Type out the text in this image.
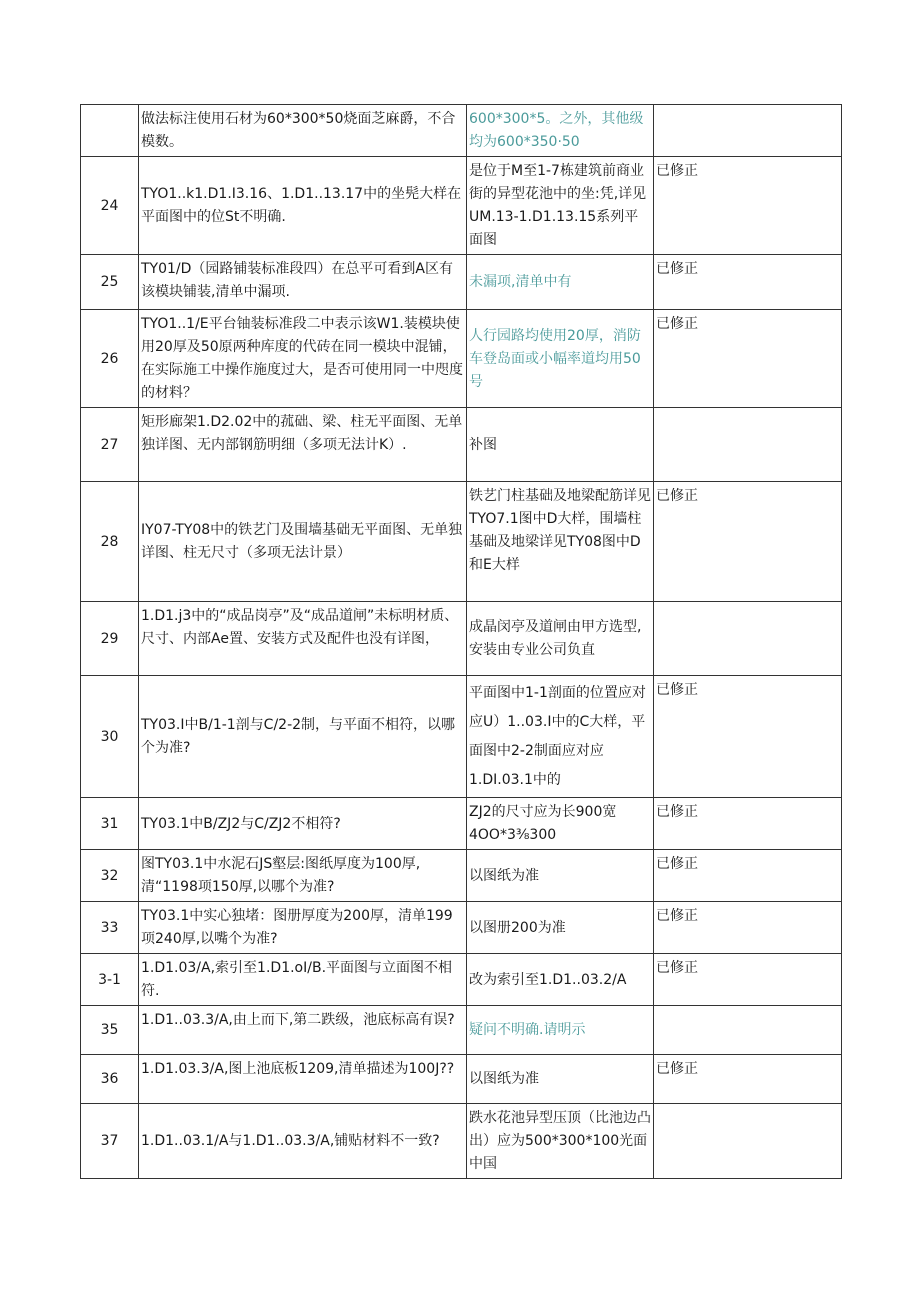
	做法标注使用石材为60*300*50烧面芝麻爵，不合模数。	600*300*5。之外，其他级均为600*350·50	
24	TYO1..k1.D1.I3.16、1.D1..13.17中的坐髡大样在平面图中的位St不明确.	是位于M至1-7栋建筑前商业街的异型花池中的坐:凭,详见UM.13-1.D1.13.15系列平面图	已修正
25	TY01/D（园路铺装标准段四）在总平可看到A区有该模块铺装,清单中漏项.	未漏项,清单中有	已修正
26	TYO1..1/E平台铀装标准段二中表示该W1.装模块使用20厚及50原两种库度的代砖在同一模块中混铺，在实际施工中操作施度过大，是否可使用同一中咫度的材料？	人行园路均使用20厚，消防车登岛面或小幅率道均用50号	已修正
27	矩形廊架1.D2.02中的菰础、梁、柱无平面图、无单独详图、无内部钢筋明细（多项无法计K）.	补图	
28	IY07-TY08中的铁艺门及围墙基础无平面图、无单独详图、柱无尺寸（多项无法计景）	铁艺门柱基础及地梁配筋详见TYO7.1图中D大样，围墙柱基础及地梁详见TY08图中D和E大样	已修正
29	1.D1.j3中的“成品岗亭”及“成品道闸”未标明材质、尺寸、内部Ae置、安装方式及配件也没有详图，	成晶闵亭及道闸由甲方选型,安装由专业公司负直	
30	TY03.I中B/1-1剖与C/2-2制，与平面不相符，以哪个为准?	平面图中1-1剖面的位置应对应U）1..03.I中的C大样，平面图中2-2制面应对应1.DI.03.1中的	已修正
31	TY03.1中B/ZJ2与C/ZJ2不相符?	ZJ2的尺寸应为长900宽4OO*3⅜300	已修正
32	图TY03.1中水泥石JS壑层:图纸厚度为100厚,清“1198项150厚,以哪个为准?	以图纸为准	已修正
33	TY03.1中实心独堵：图册厚度为200厚，清单199项240厚,以嘴个为准?	以图册200为准	已修正
3-1	1.D1.03/A,索引至1.D1.oI/B.平面图与立面图不相符.	改为索引至1.D1..03.2/A	已修正
35	1.D1..03.3/A,由上而下,第二跌级，池底标高有误?	疑问不明确.请明示	
36	1.D1.03.3/A,图上池底板1209,清单描述为100J??	以图纸为准	已修正
37	1.D1..03.1/A与1.D1..03.3/A,铺贴材料不一致?	跌水花池异型压顶（比池边凸出）应为500*300*100光面中国	
